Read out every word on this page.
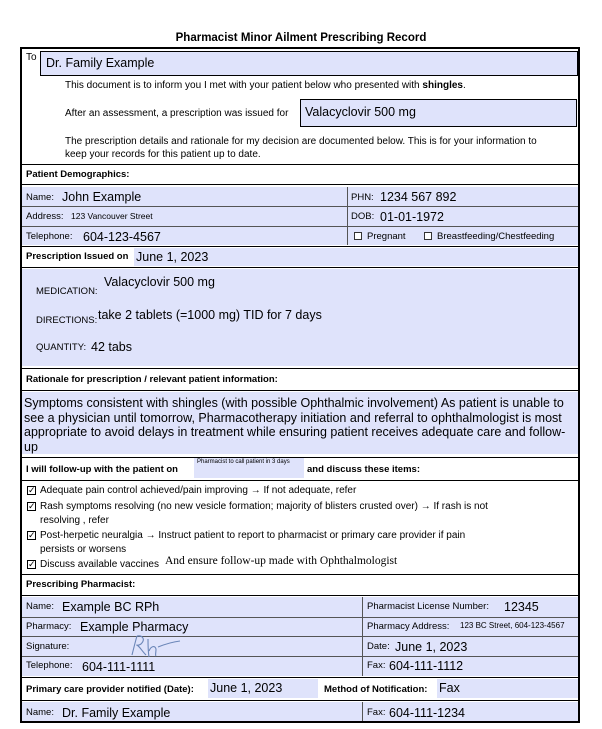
Pharmacist Minor Ailment Prescribing Record
To Dr. Family Example
This document is to inform you I met with your patient below who presented with shingles.
After an assessment, a prescription was issued for Valacyclovir 500 mg
The prescription details and rationale for my decision are documented below. This is for your information to
keep your records for this patient up to date.
Patient Demographics:
Name: John Example	PHN: 1234 567 892
Address: 123 Vancouver Street	DOB: 01-01-1972
Telephone: 604-123-4567	Pregnant	Breastfeeding/Chestfeeding
Prescription Issued on June 1, 2023
MEDICATION:
Valacyclovir 500 mg
DIRECTIONS: take 2 tablets (=1000 mg) TID for 7 days
QUANTITY: 42 tabs
Rationale for prescription / relevant patient information:
Symptoms consistent with shingles (with possible Ophthalmic involvement) As patient is unable to see a physician until tomorrow, Pharmacotherapy initiation and referral to ophthalmologist is most appropriate to avoid delays in treatment while ensuring patient receives adequate care and follow-up
I will follow-up with the patient on
Pharmacist to call patient in 3 days
and discuss these items:
✓ Adequate pain control achieved/pain improving → If not adequate, refer
✓ Rash symptoms resolving (no new vesicle formation; majority of blisters crusted over) → If rash is not
resolving , refer
✓ Post-herpetic neuralgia → Instruct patient to report to pharmacist or primary care provider if pain
persists or worsens
✓ Discuss available vaccines And ensure follow-up made with Ophthalmologist
Prescribing Pharmacist:
Name: Example BC RPh	Pharmacist License Number: 12345
Pharmacy: Example Pharmacy	Pharmacy Address: 123 BC Street, 604-123-4567
Signature:	Date: June 1, 2023
Telephone: 604-111-1111	Fax: 604-111-1112
Primary care provider notified (Date): June 1, 2023	Method of Notification: Fax
Name: Dr. Family Example	Fax: 604-111-1234
